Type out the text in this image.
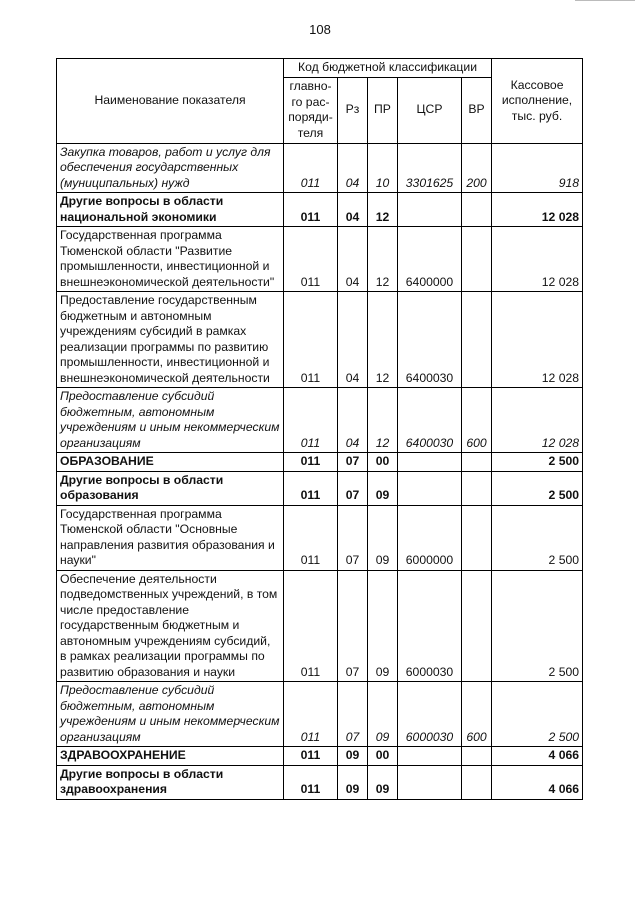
108
Наименование показателя	Код бюджетной классификации					Кассовое исполнение, тыс. руб.
	главно-го рас-поряди-теля	Рз	ПР	ЦСР	ВР	
Закупка товаров, работ и услуг для обеспечения государственных (муниципальных) нужд	011	04	10	3301625	200	918
Другие вопросы в области национальной экономики	011	04	12			12 028
Государственная программа Тюменской области "Развитие промышленности, инвестиционной и внешнеэкономической деятельности"	011	04	12	6400000		12 028
Предоставление государственным бюджетным и автономным учреждениям субсидий в рамках реализации программы по развитию промышленности, инвестиционной и внешнеэкономической деятельности	011	04	12	6400030		12 028
Предоставление субсидий бюджетным, автономным учреждениям и иным некоммерческим организациям	011	04	12	6400030	600	12 028
ОБРАЗОВАНИЕ	011	07	00			2 500
Другие вопросы в области образования	011	07	09			2 500
Государственная программа Тюменской области "Основные направления развития образования и науки"	011	07	09	6000000		2 500
Обеспечение деятельности подведомственных учреждений, в том числе предоставление государственным бюджетным и автономным учреждениям субсидий, в рамках реализации программы по развитию образования и науки	011	07	09	6000030		2 500
Предоставление субсидий бюджетным, автономным учреждениям и иным некоммерческим организациям	011	07	09	6000030	600	2 500
ЗДРАВООХРАНЕНИЕ	011	09	00			4 066
Другие вопросы в области здравоохранения	011	09	09			4 066
